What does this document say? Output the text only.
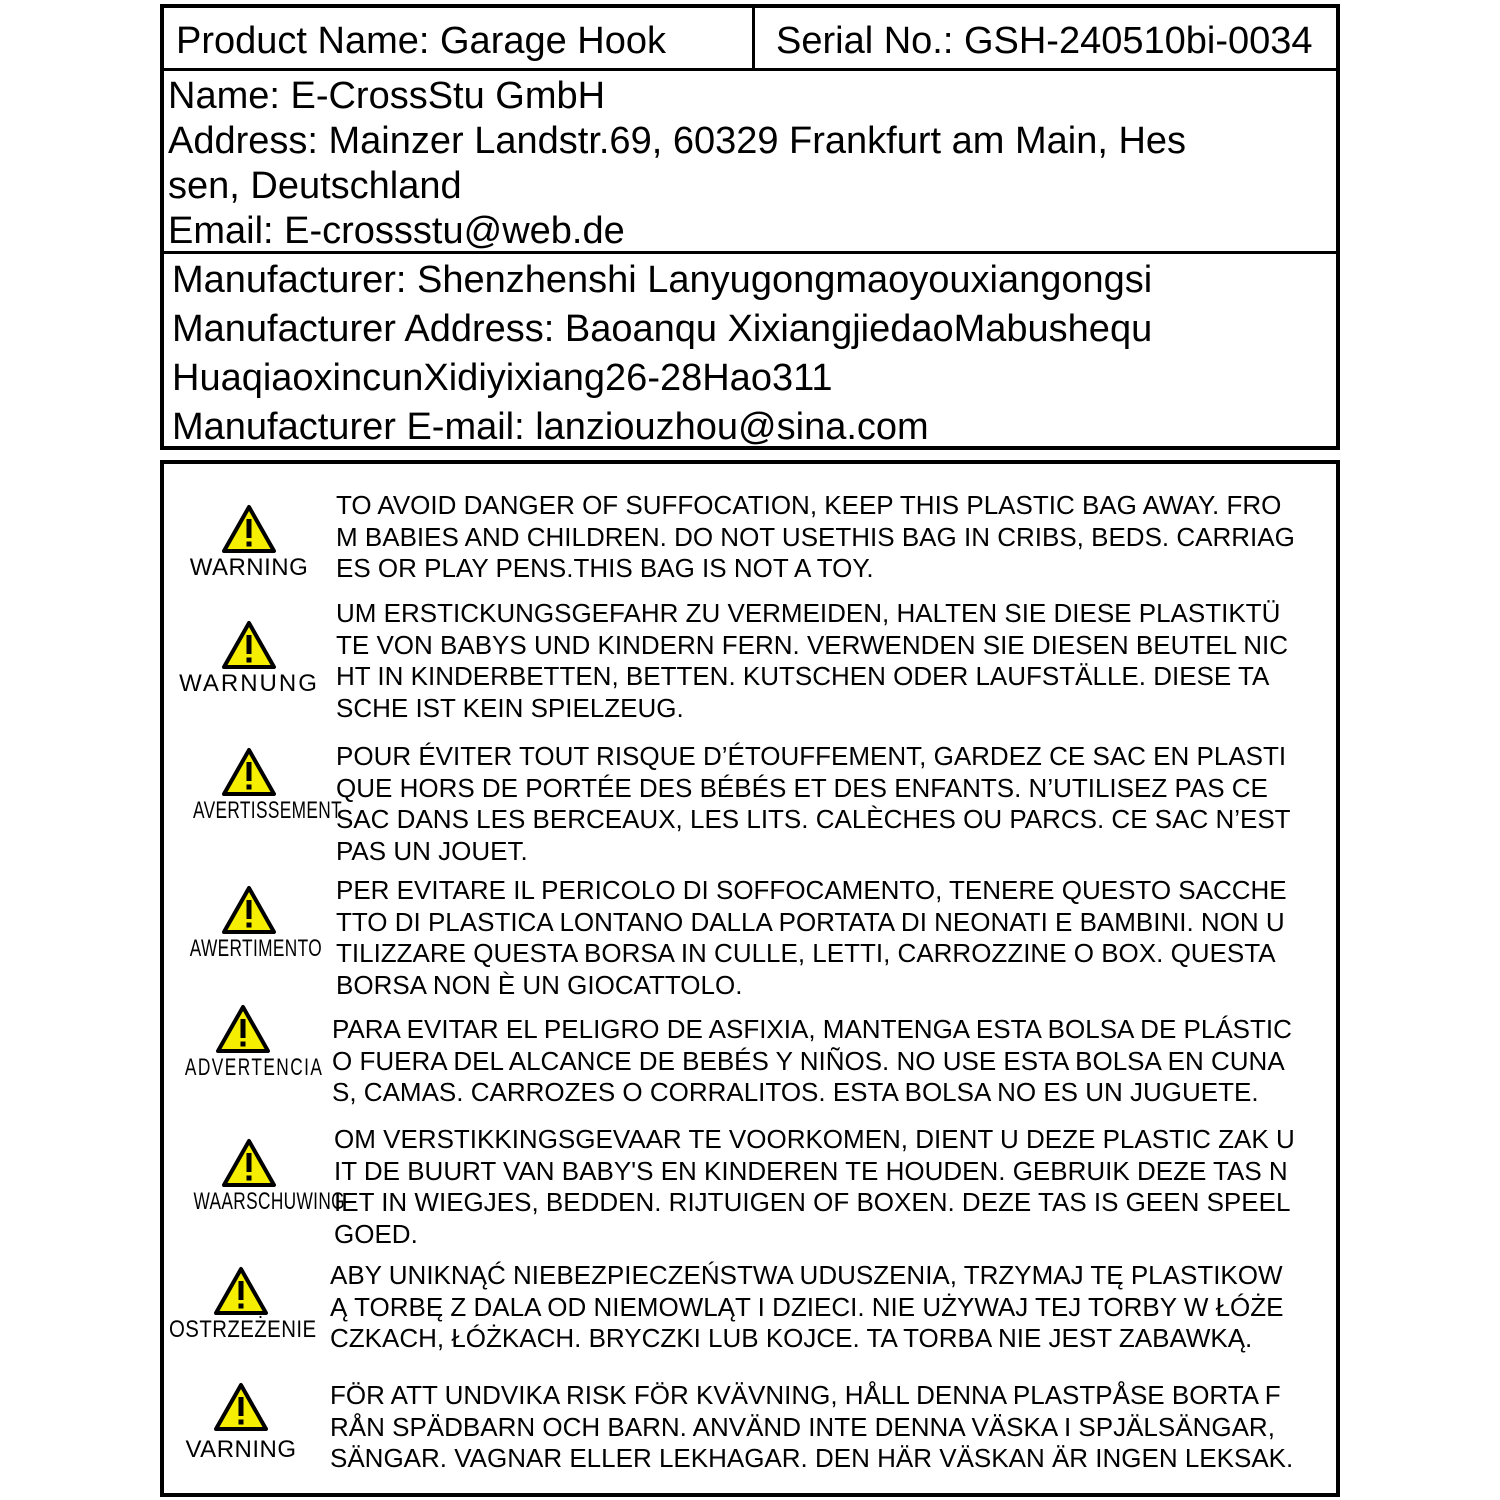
Product Name: Garage Hook	Serial No.: GSH-240510bi-0034
Name: E-CrossStu GmbH
Address: Mainzer Landstr.69, 60329 Frankfurt am Main, Hes
sen, Deutschland
Email: E-crossstu@web.de
Manufacturer: Shenzhenshi Lanyugongmaoyouxiangongsi
Manufacturer Address: Baoanqu XixiangjiedaoMabushequ
HuaqiaoxincunXidiyixiang26-28Hao311
Manufacturer E-mail: lanziouzhou@sina.com
WARNING
TO AVOID DANGER OF SUFFOCATION, KEEP THIS PLASTIC BAG AWAY. FRO
M BABIES AND CHILDREN. DO NOT USETHIS BAG IN CRIBS, BEDS. CARRIAG
ES OR PLAY PENS.THIS BAG IS NOT A TOY.
WARNUNG
UM ERSTICKUNGSGEFAHR ZU VERMEIDEN, HALTEN SIE DIESE PLASTIKTÜ
TE VON BABYS UND KINDERN FERN. VERWENDEN SIE DIESEN BEUTEL NIC
HT IN KINDERBETTEN, BETTEN. KUTSCHEN ODER LAUFSTÄLLE. DIESE TA
SCHE IST KEIN SPIELZEUG.
AVERTISSEMENT
POUR ÉVITER TOUT RISQUE D’ÉTOUFFEMENT, GARDEZ CE SAC EN PLASTI
QUE HORS DE PORTÉE DES BÉBÉS ET DES ENFANTS. N’UTILISEZ PAS CE
SAC DANS LES BERCEAUX, LES LITS. CALÈCHES OU PARCS. CE SAC N’EST
PAS UN JOUET.
AWERTIMENTO
PER EVITARE IL PERICOLO DI SOFFOCAMENTO, TENERE QUESTO SACCHE
TTO DI PLASTICA LONTANO DALLA PORTATA DI NEONATI E BAMBINI. NON U
TILIZZARE QUESTA BORSA IN CULLE, LETTI, CARROZZINE O BOX. QUESTA
BORSA NON È UN GIOCATTOLO.
ADVERTENCIA
PARA EVITAR EL PELIGRO DE ASFIXIA, MANTENGA ESTA BOLSA DE PLÁSTIC
O FUERA DEL ALCANCE DE BEBÉS Y NIÑOS. NO USE ESTA BOLSA EN CUNA
S, CAMAS. CARROZES O CORRALITOS. ESTA BOLSA NO ES UN JUGUETE.
WAARSCHUWING
OM VERSTIKKINGSGEVAAR TE VOORKOMEN, DIENT U DEZE PLASTIC ZAK U
IT DE BUURT VAN BABY'S EN KINDEREN TE HOUDEN. GEBRUIK DEZE TAS N
IET IN WIEGJES, BEDDEN. RIJTUIGEN OF BOXEN. DEZE TAS IS GEEN SPEEL
GOED.
OSTRZEŻENIE
ABY UNIKNĄĆ NIEBEZPIECZEŃSTWA UDUSZENIA, TRZYMAJ TĘ PLASTIKOW
Ą TORBĘ Z DALA OD NIEMOWLĄT I DZIECI. NIE UŻYWAJ TEJ TORBY W ŁÓŻE
CZKACH, ŁÓŻKACH. BRYCZKI LUB KOJCE. TA TORBA NIE JEST ZABAWKĄ.
VARNING
FÖR ATT UNDVIKA RISK FÖR KVÄVNING, HÅLL DENNA PLASTPÅSE BORTA F
RÅN SPÄDBARN OCH BARN. ANVÄND INTE DENNA VÄSKA I SPJÄLSÄNGAR,
SÄNGAR. VAGNAR ELLER LEKHAGAR. DEN HÄR VÄSKAN ÄR INGEN LEKSAK.
